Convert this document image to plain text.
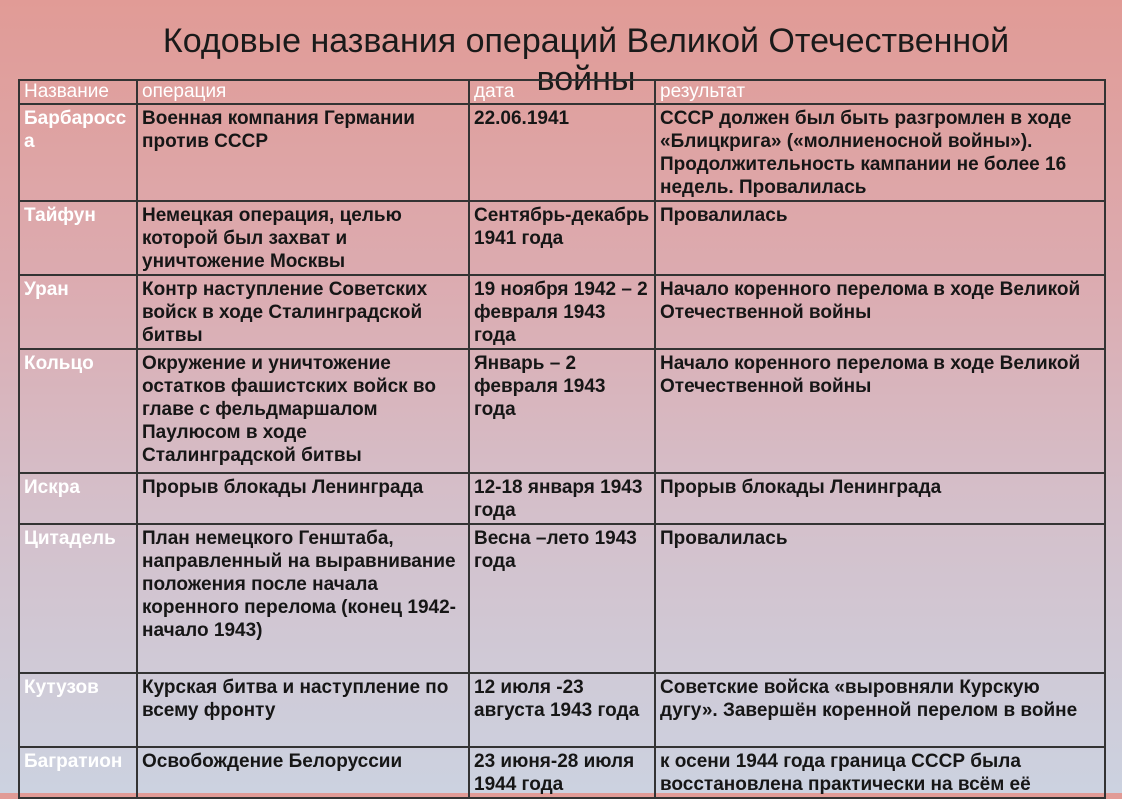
Кодовые названия операций Великой Отечественной
войны
Название	операция	дата	результат
Барбаросса	Военная компания Германии против СССР	22.06.1941	СССР должен был быть разгромлен в ходе «Блицкрига» («молниеносной войны»). Продолжительность кампании не более 16 недель. Провалилась
Тайфун	Немецкая операция, целью которой был захват и уничтожение Москвы	Сентябрь-декабрь 1941 года	Провалилась
Уран	Контр наступление Советских войск в ходе Сталинградской битвы	19 ноября 1942 – 2 февраля 1943 года	Начало коренного перелома в ходе Великой Отечественной войны
Кольцо	Окружение и уничтожение остатков фашистских войск во главе с фельдмаршалом Паулюсом в ходе Сталинградской битвы	Январь – 2 февраля 1943 года	Начало коренного перелома в ходе Великой Отечественной войны
Искра	Прорыв блокады Ленинграда	12-18 января 1943 года	Прорыв блокады Ленинграда
Цитадель	План немецкого Генштаба, направленный на выравнивание положения после начала коренного перелома (конец 1942-начало 1943)	Весна –лето 1943 года	Провалилась
Кутузов	Курская битва и наступление по всему фронту	12 июля -23 августа 1943 года	Советские войска «выровняли Курскую дугу». Завершён коренной перелом в войне
Багратион	Освобождение Белоруссии	23 июня-28 июля 1944 года	к осени 1944 года граница СССР была восстановлена практически на всём её
